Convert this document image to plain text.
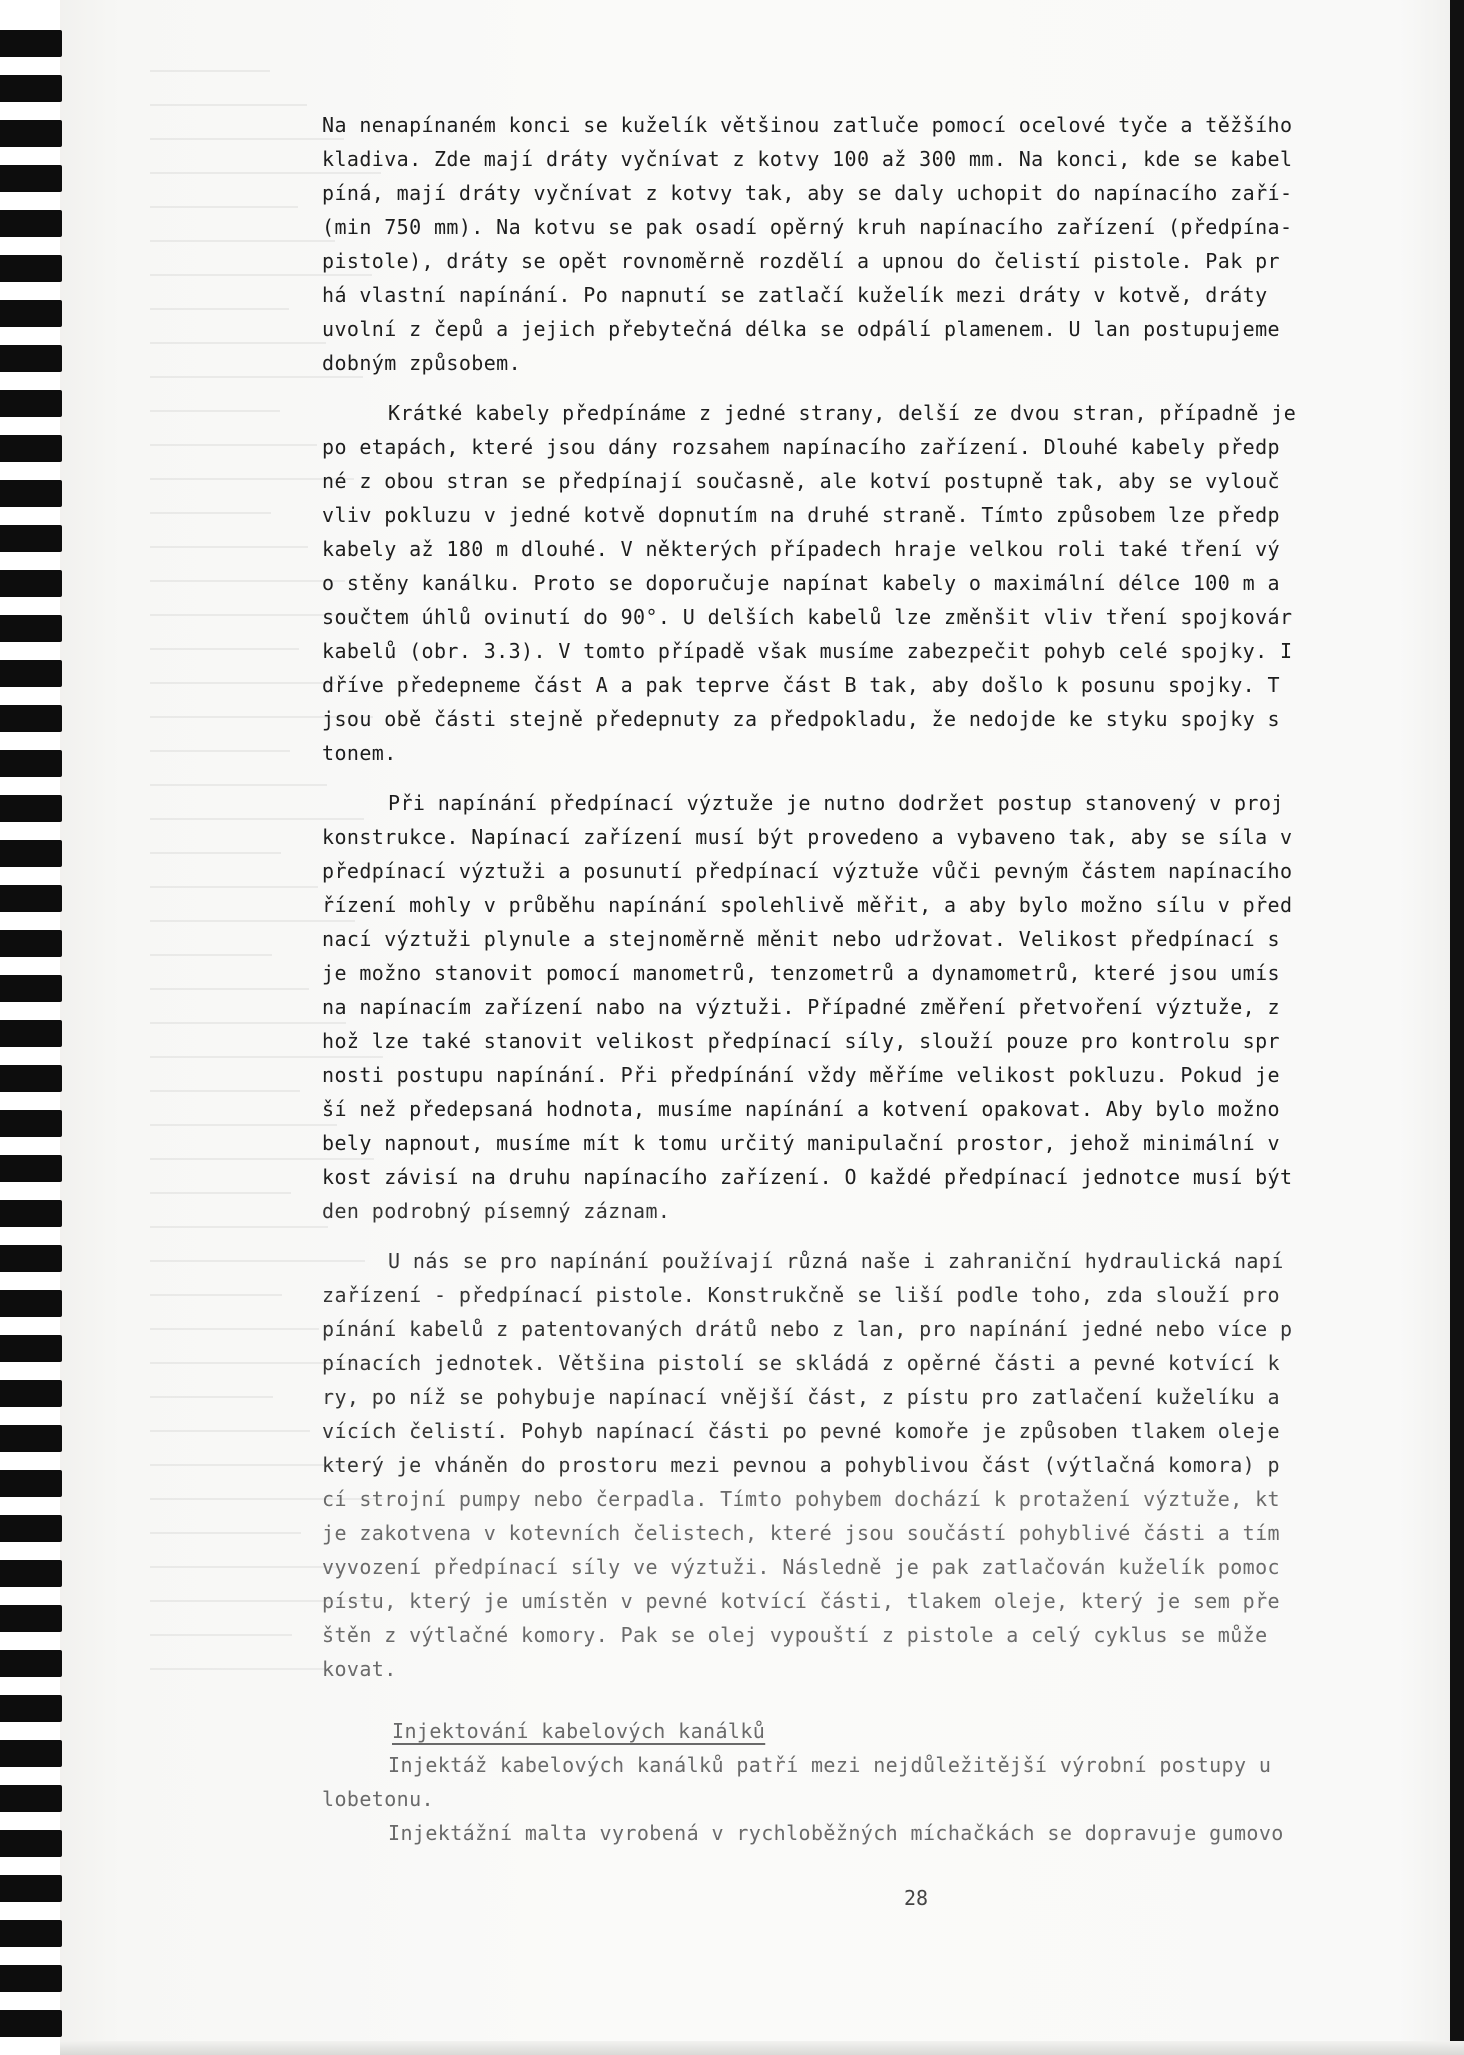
Na nenapínaném konci se kuželík většinou zatluče pomocí ocelové tyče a těžšího

kladiva. Zde mají dráty vyčnívat z kotvy 100 až 300 mm. Na konci, kde se kabel

píná, mají dráty vyčnívat z kotvy tak, aby se daly uchopit do napínacího zaří-

(min 750 mm). Na kotvu se pak osadí opěrný kruh napínacího zařízení (předpína-

pistole), dráty se opět rovnoměrně rozdělí a upnou do čelistí pistole. Pak pr

há vlastní napínání. Po napnutí se zatlačí kuželík mezi dráty v kotvě, dráty

uvolní z čepů a jejich přebytečná délka se odpálí plamenem. U lan postupujeme

dobným způsobem.

Krátké kabely předpínáme z jedné strany, delší ze dvou stran, případně je

po etapách, které jsou dány rozsahem napínacího zařízení. Dlouhé kabely předp

né z obou stran se předpínají současně, ale kotví postupně tak, aby se vylouč

vliv pokluzu v jedné kotvě dopnutím na druhé straně. Tímto způsobem lze předp

kabely až 180 m dlouhé. V některých případech hraje velkou roli také tření vý

o stěny kanálku. Proto se doporučuje napínat kabely o maximální délce 100 m a

součtem úhlů ovinutí do 90°. U delších kabelů lze změnšit vliv tření spojkovár

kabelů (obr. 3.3). V tomto případě však musíme zabezpečit pohyb celé spojky. I

dříve předepneme část A a pak teprve část B tak, aby došlo k posunu spojky. T

jsou obě části stejně předepnuty za předpokladu, že nedojde ke styku spojky s

tonem.

Při napínání předpínací výztuže je nutno dodržet postup stanovený v proj

konstrukce. Napínací zařízení musí být provedeno a vybaveno tak, aby se síla v

předpínací výztuži a posunutí předpínací výztuže vůči pevným částem napínacího

řízení mohly v průběhu napínání spolehlivě měřit, a aby bylo možno sílu v před

nací výztuži plynule a stejnoměrně měnit nebo udržovat. Velikost předpínací s

je možno stanovit pomocí manometrů, tenzometrů a dynamometrů, které jsou umís

na napínacím zařízení nabo na výztuži. Případné změření přetvoření výztuže, z

hož lze také stanovit velikost předpínací síly, slouží pouze pro kontrolu spr

nosti postupu napínání. Při předpínání vždy měříme velikost pokluzu. Pokud je

ší než předepsaná hodnota, musíme napínání a kotvení opakovat. Aby bylo možno

bely napnout, musíme mít k tomu určitý manipulační prostor, jehož minimální v

kost závisí na druhu napínacího zařízení. O každé předpínací jednotce musí být

den podrobný písemný záznam.

U nás se pro napínání používají různá naše i zahraniční hydraulická napí

zařízení - předpínací pistole. Konstrukčně se liší podle toho, zda slouží pro

pínání kabelů z patentovaných drátů nebo z lan, pro napínání jedné nebo více p

pínacích jednotek. Většina pistolí se skládá z opěrné části a pevné kotvící k

ry, po níž se pohybuje napínací vnější část, z pístu pro zatlačení kuželíku a

vících čelistí. Pohyb napínací části po pevné komoře je způsoben tlakem oleje

který je vháněn do prostoru mezi pevnou a pohyblivou část (výtlačná komora) p

cí strojní pumpy nebo čerpadla. Tímto pohybem dochází k protažení výztuže, kt

je zakotvena v kotevních čelistech, které jsou součástí pohyblivé části a tím

vyvození předpínací síly ve výztuži. Následně je pak zatlačován kuželík pomoc

pístu, který je umístěn v pevné kotvící části, tlakem oleje, který je sem pře

štěn z výtlačné komory. Pak se olej vypouští z pistole a celý cyklus se může

kovat.

Injektování kabelových kanálků

Injektáž kabelových kanálků patří mezi nejdůležitější výrobní postupy u

lobetonu.

Injektážní malta vyrobená v rychloběžných míchačkách se dopravuje gumovo

28
